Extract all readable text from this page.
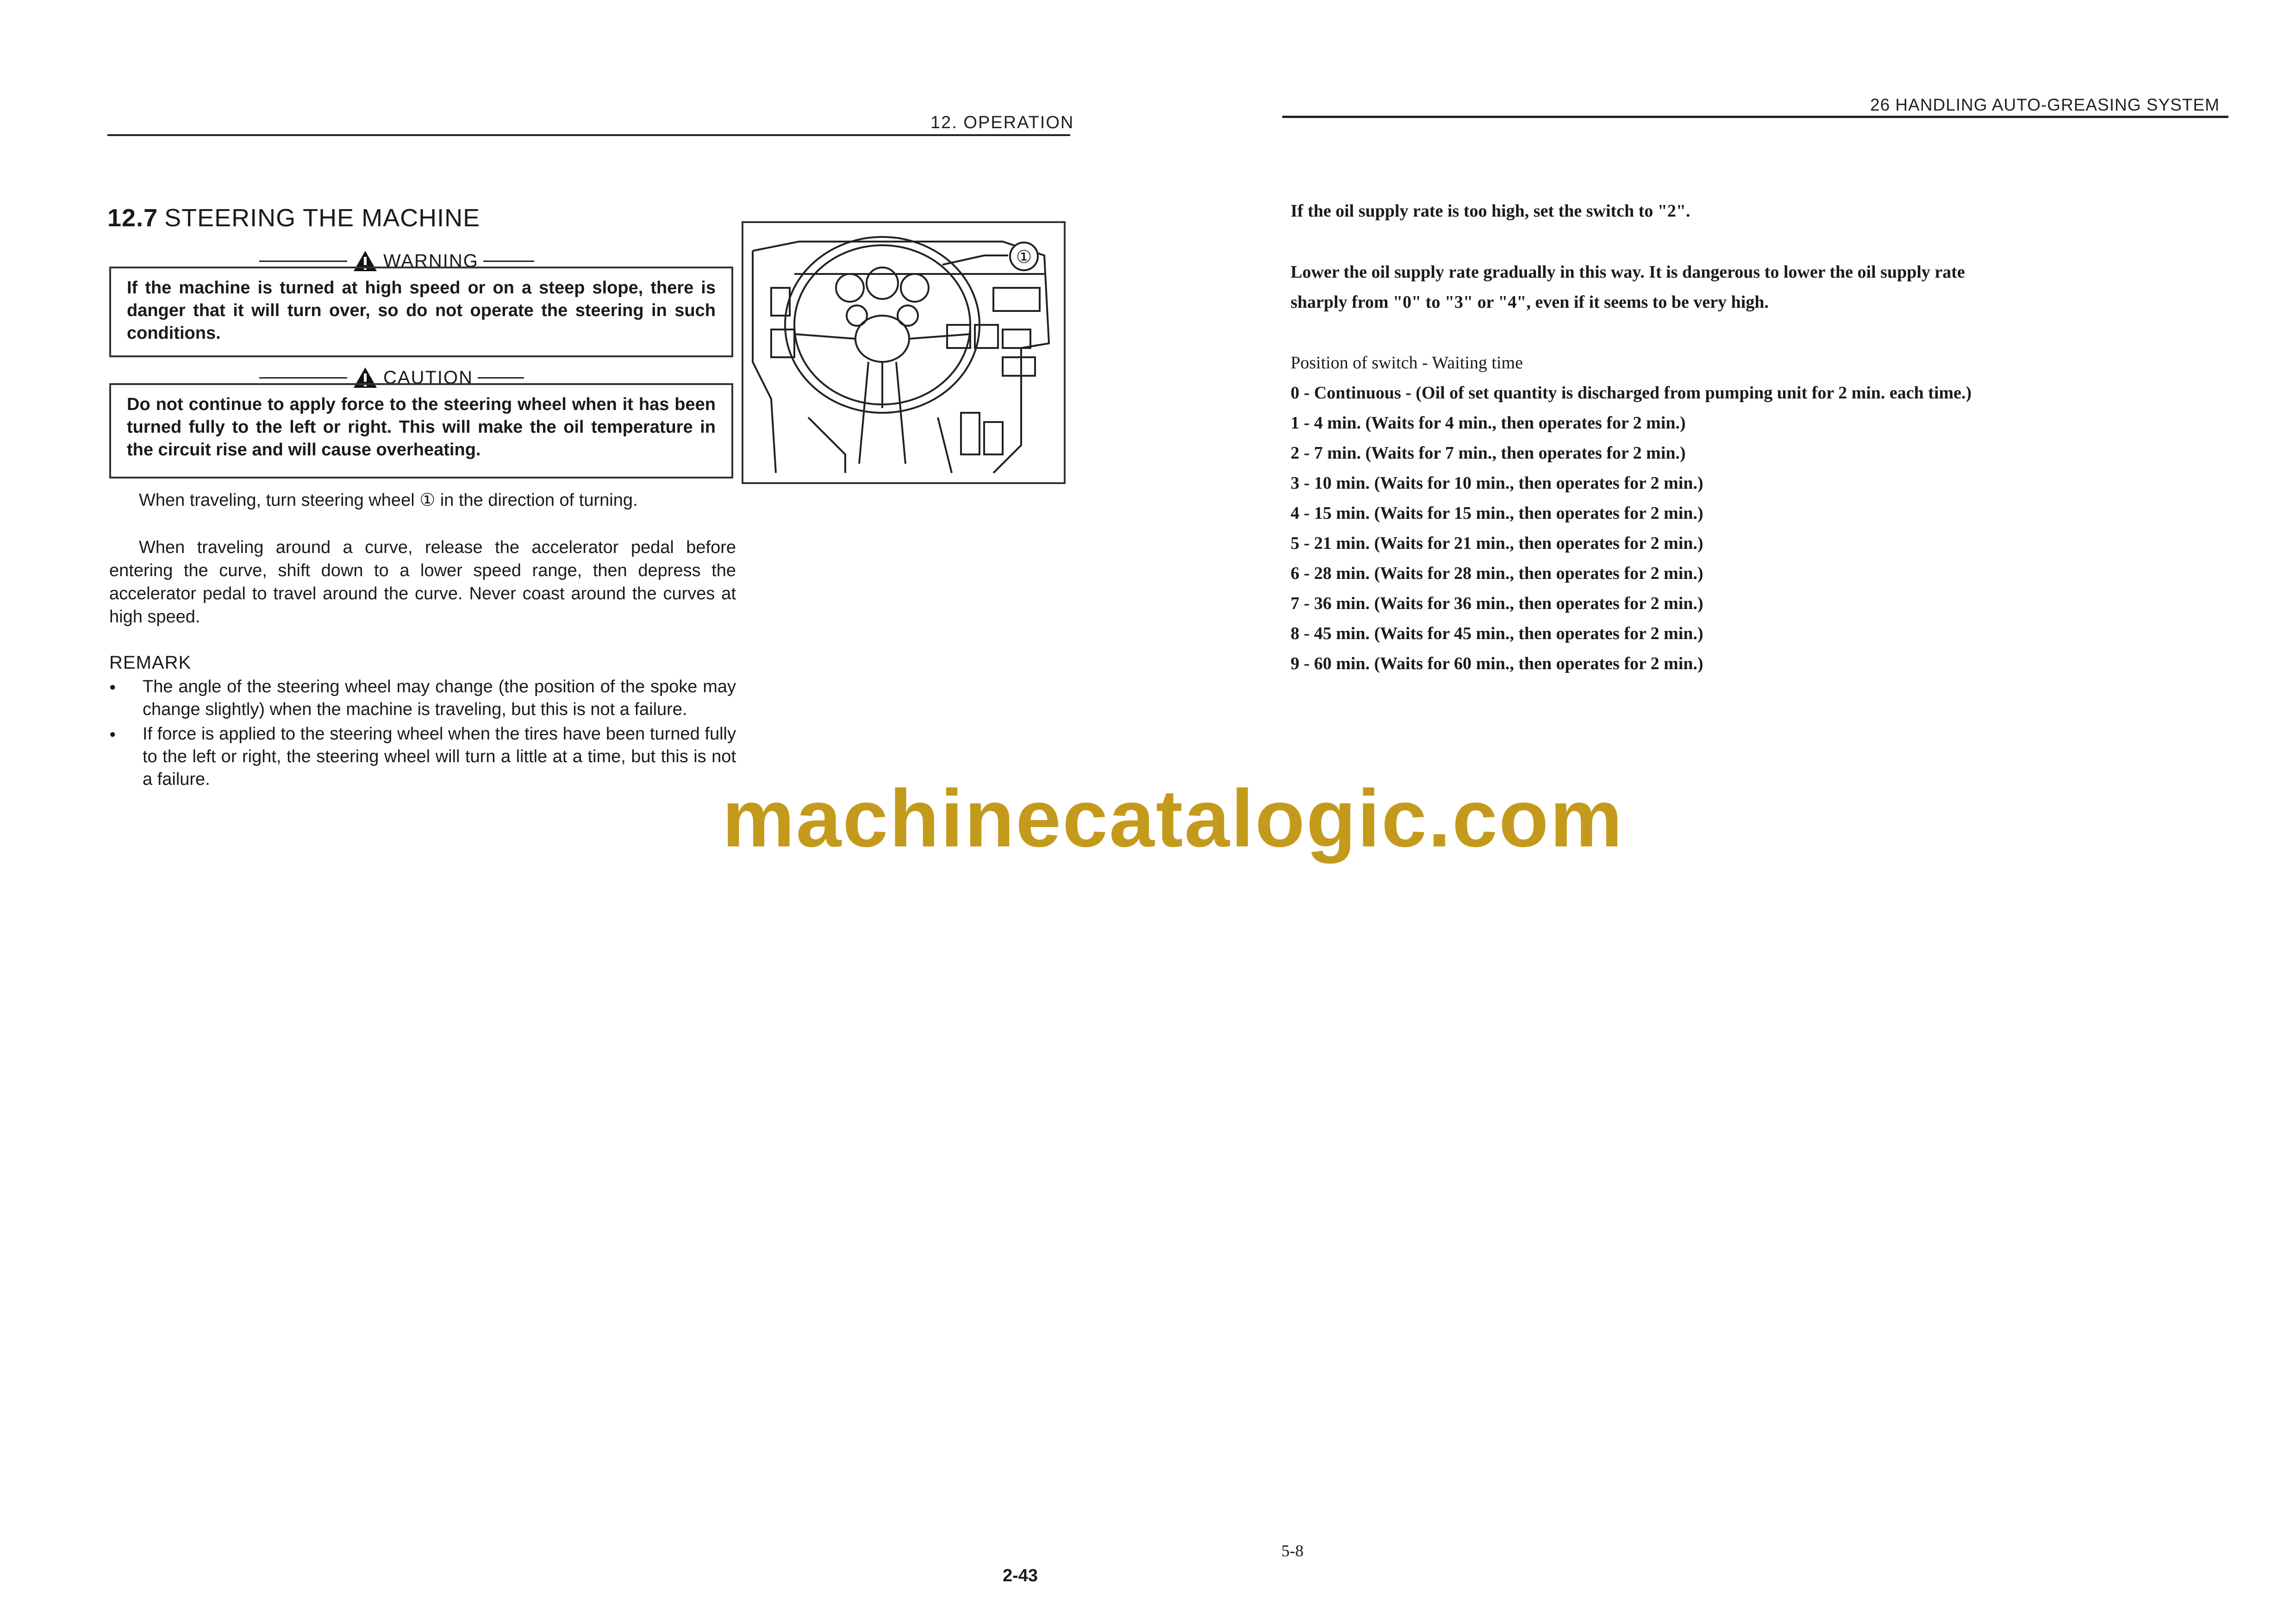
12. OPERATION
12.7 STEERING THE MACHINE
WARNING
If the machine is turned at high speed or on a steep slope, there is danger that it will turn over, so do not operate the steering in such conditions.
CAUTION
Do not continue to apply force to the steering wheel when it has been turned fully to the left or right. This will make the oil temperature in the circuit rise and will cause overheating.
①
When traveling, turn steering wheel ① in the direction of turning.
When traveling around a curve, release the accelerator pedal before entering the curve, shift down to a lower speed range, then depress the accelerator pedal to travel around the curve. Never coast around the curves at high speed.
REMARK
● The angle of the steering wheel may change (the position of the spoke may change slightly) when the machine is traveling, but this is not a failure.
● If force is applied to the steering wheel when the tires have been turned fully to the left or right, the steering wheel will turn a little at a time, but this is not a failure.
2-43
26 HANDLING AUTO-GREASING SYSTEM
If the oil supply rate is too high, set the switch to "2".
Lower the oil supply rate gradually in this way. It is dangerous to lower the oil supply rate sharply from "0" to "3" or "4", even if it seems to be very high.
Position of switch - Waiting time
0 - Continuous - (Oil of set quantity is discharged from pumping unit for 2 min. each time.)
1 - 4 min. (Waits for 4 min., then operates for 2 min.)
2 - 7 min. (Waits for 7 min., then operates for 2 min.)
3 - 10 min. (Waits for 10 min., then operates for 2 min.)
4 - 15 min. (Waits for 15 min., then operates for 2 min.)
5 - 21 min. (Waits for 21 min., then operates for 2 min.)
6 - 28 min. (Waits for 28 min., then operates for 2 min.)
7 - 36 min. (Waits for 36 min., then operates for 2 min.)
8 - 45 min. (Waits for 45 min., then operates for 2 min.)
9 - 60 min. (Waits for 60 min., then operates for 2 min.)
5-8
machinecatalogic.com
